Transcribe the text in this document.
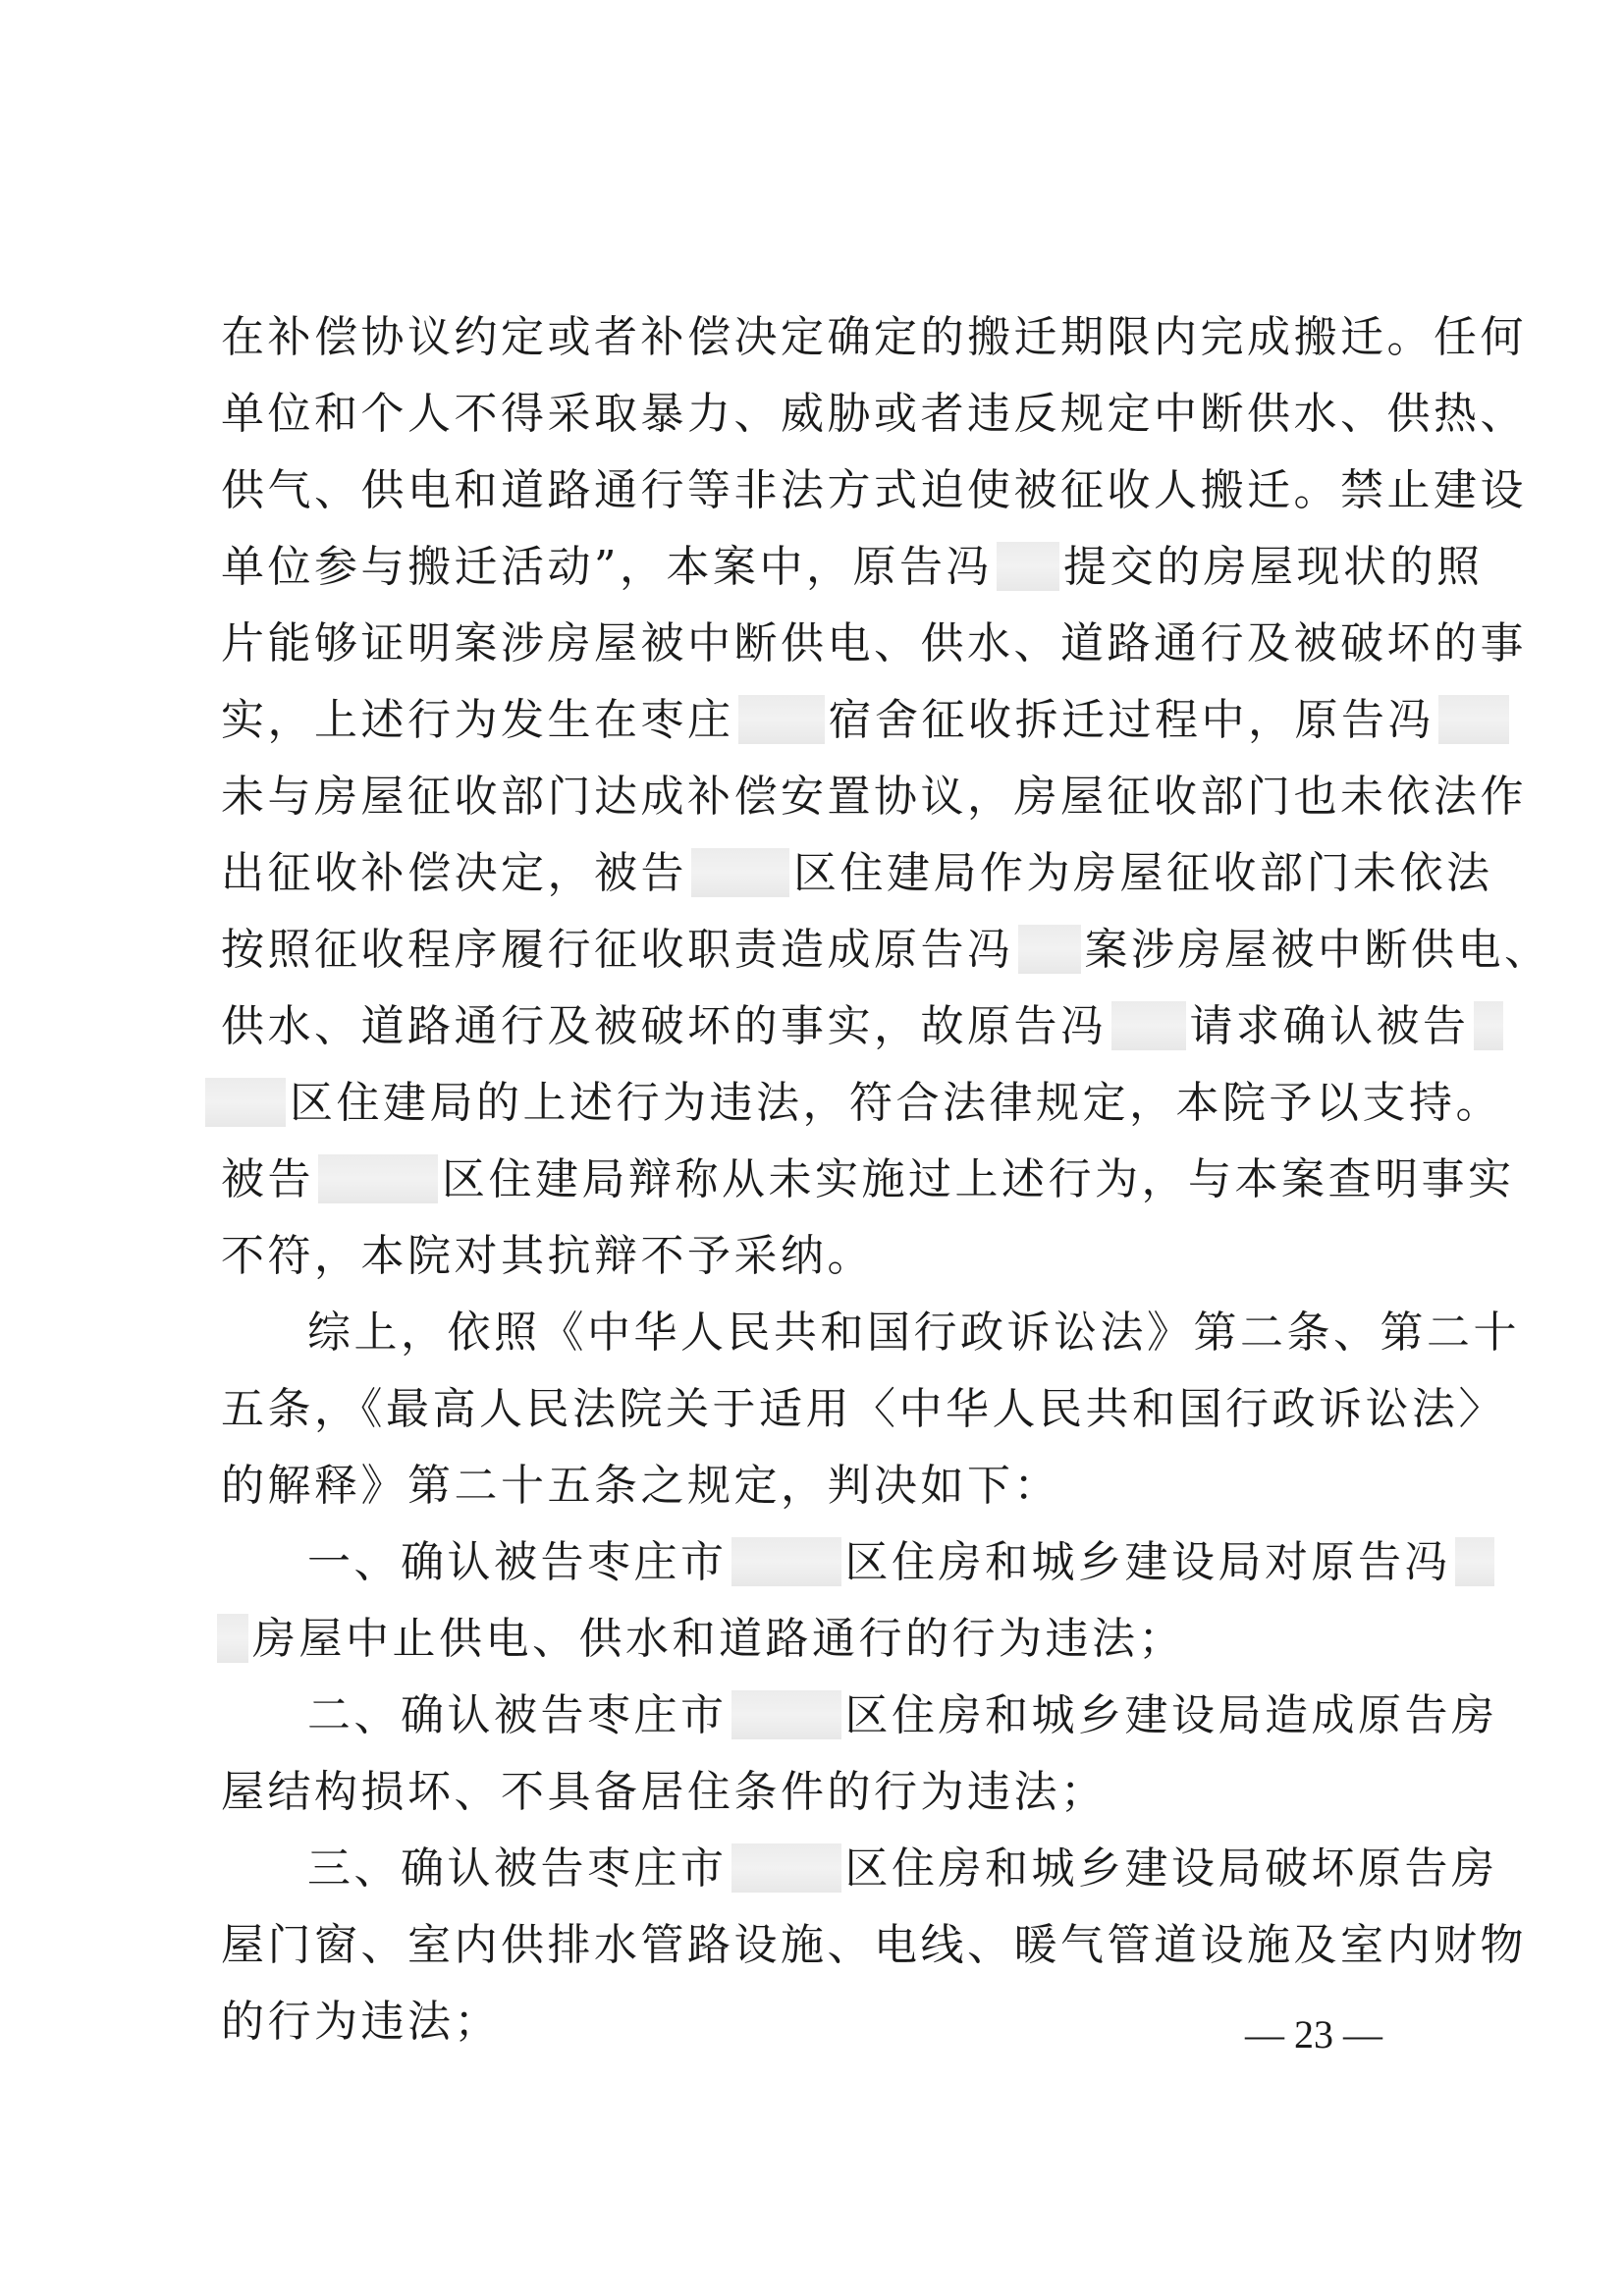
在补偿协议约定或者补偿决定确定的搬迁期限内完成搬迁。任何
单位和个人不得采取暴力、威胁或者违反规定中断供水、供热、
供气、供电和道路通行等非法方式迫使被征收人搬迁。禁止建设
单位参与搬迁活动”，本案中，原告冯 提交的房屋现状的照
片能够证明案涉房屋被中断供电、供水、道路通行及被破坏的事
实，上述行为发生在枣庄 宿舍征收拆迁过程中，原告冯
未与房屋征收部门达成补偿安置协议，房屋征收部门也未依法作
出征收补偿决定，被告 区住建局作为房屋征收部门未依法
按照征收程序履行征收职责造成原告冯 案涉房屋被中断供电、
供水、道路通行及被破坏的事实，故原告冯 请求确认被告
区住建局的上述行为违法，符合法律规定，本院予以支持。
被告	区住建局辩称从未实施过上述行为，与本案查明事实
不符，本院对其抗辩不予采纳。
综上，依照《中华人民共和国行政诉讼法》第二条、第二十
五条，《最高人民法院关于适用〈中华人民共和国行政诉讼法〉
的解释》第二十五条之规定，判决如下：
一、确认被告枣庄市	区住房和城乡建设局对原告冯
房屋中止供电、供水和道路通行的行为违法；
二、确认被告枣庄市	区住房和城乡建设局造成原告房
屋结构损坏、不具备居住条件的行为违法；
三、确认被告枣庄市	区住房和城乡建设局破坏原告房
屋门窗、室内供排水管路设施、电线、暖气管道设施及室内财物
的行为违法；	— 23 —
